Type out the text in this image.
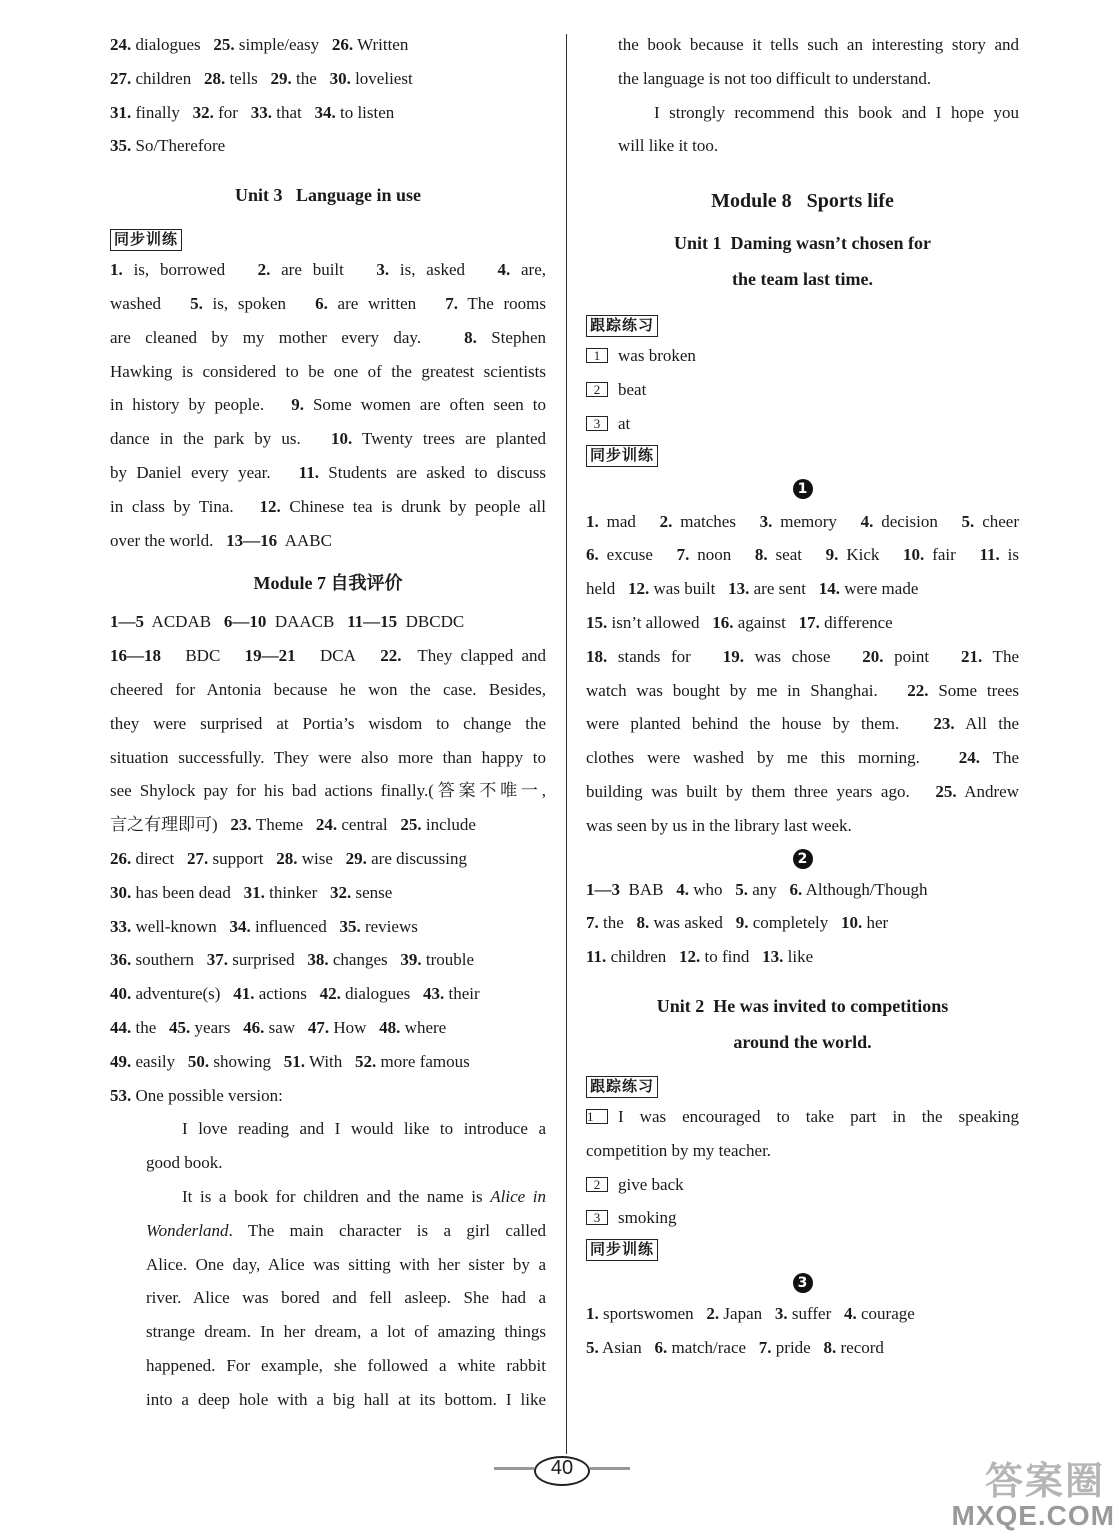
24. dialogues   25. simple/easy   26. Written
27. children   28. tells   29. the   30. loveliest
31. finally   32. for   33. that   34. to listen
35. So/Therefore
Unit 3   Language in use
同步训练
1. is, borrowed   2. are built   3. is, asked   4. are,
washed   5. is, spoken   6. are written   7. The rooms
are cleaned by my mother every day.   8. Stephen
Hawking is considered to be one of the greatest scientists
in history by people.   9. Some women are often seen to
dance in the park by us.   10. Twenty trees are planted
by Daniel every year.   11. Students are asked to discuss
in class by Tina.   12. Chinese tea is drunk by people all
over the world.   13—16  AABC
Module 7 自我评价
1—5  ACDAB   6—10  DAACB   11—15  DBCDC
16—18   BDC   19—21   DCA   22.  They clapped and
cheered for Antonia because he won the case. Besides,
they were surprised at Portia’s wisdom to change the
situation successfully. They were also more than happy to
see Shylock pay for his bad actions finally.(答案不唯一,
言之有理即可)   23. Theme   24. central   25. include
26. direct   27. support   28. wise   29. are discussing
30. has been dead   31. thinker   32. sense
33. well-known   34. influenced   35. reviews
36. southern   37. surprised   38. changes   39. trouble
40. adventure(s)   41. actions   42. dialogues   43. their
44. the   45. years   46. saw   47. How   48. where
49. easily   50. showing   51. With   52. more famous
53. One possible version:
I love reading and I would like to introduce a
good book.
It is a book for children and the name is Alice in
Wonderland. The main character is a girl called
Alice. One day, Alice was sitting with her sister by a
river. Alice was bored and fell asleep. She had a
strange dream. In her dream, a lot of amazing things
happened. For example, she followed a white rabbit
into a deep hole with a big hall at its bottom. I like
the book because it tells such an interesting story and
the language is not too difficult to understand.
I strongly recommend this book and I hope you
will like it too.
Module 8   Sports life
Unit 1  Daming wasn’t chosen for
the team last time.
跟踪练习
1 was broken
2 beat
3 at
同步训练
1
1. mad   2. matches   3. memory   4. decision   5. cheer
6. excuse   7. noon   8. seat   9. Kick   10. fair   11. is
held   12. was built   13. are sent   14. were made
15. isn’t allowed   16. against   17. difference
18. stands for   19. was chose   20. point   21. The
watch was bought by me in Shanghai.   22. Some trees
were planted behind the house by them.   23. All the
clothes were washed by me this morning.   24. The
building was built by them three years ago.   25. Andrew
was seen by us in the library last week.
2
1—3  BAB   4. who   5. any   6. Although/Though
7. the   8. was asked   9. completely   10. her
11. children   12. to find   13. like
Unit 2  He was invited to competitions
around the world.
跟踪练习
1 I was encouraged to take part in the speaking
competition by my teacher.
2 give back
3 smoking
同步训练
3
1. sportswomen   2. Japan   3. suffer   4. courage
5. Asian   6. match/race   7. pride   8. record
40	答案圈
MXQE.COM
